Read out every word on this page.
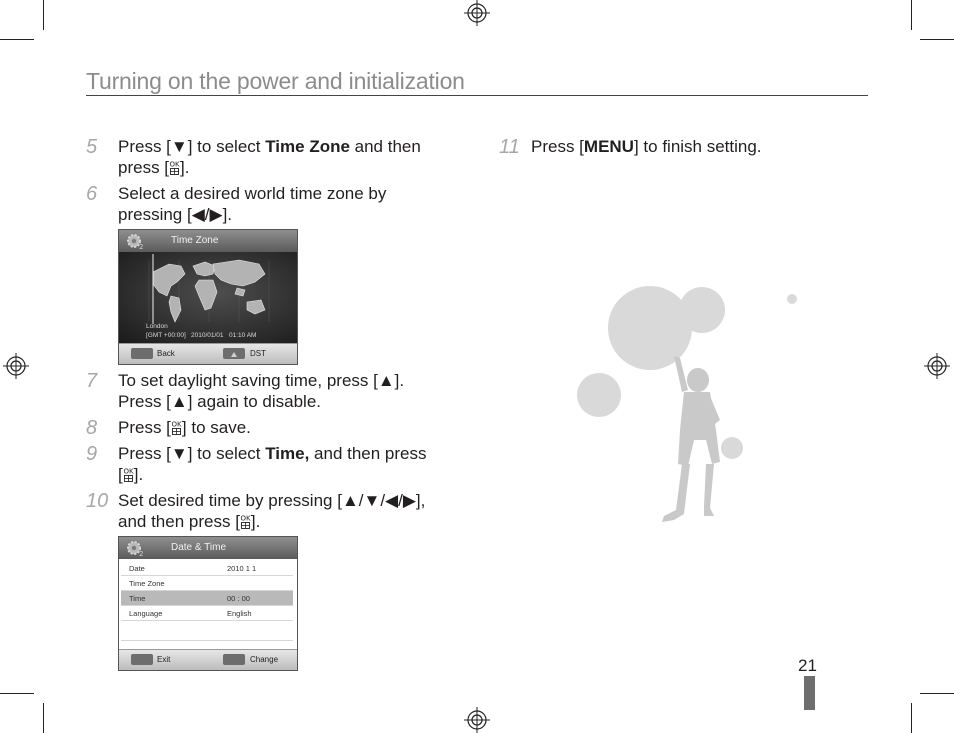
Turning on the power and initialization
5 Press [▼] to select Time Zone and then
press [ OK ].
6 Select a desired world time zone by
pressing [◀/▶].
2
Time Zone
London
[GMT +00:00] 2010/01/01 01:10 AM
Back	DST
7 To set daylight saving time, press [▲].
Press [▲] again to disable.
8 Press [ OK ] to save.
9 Press [▼] to select Time, and then press
[ OK ].
10 Set desired time by pressing [▲/▼/◀/▶],
and then press [ OK ].
2
Date & Time
Date	2010 1 1
Time Zone
Time	00 : 00
Language	English
Exit	Change
11 Press [MENU] to finish setting.
21
